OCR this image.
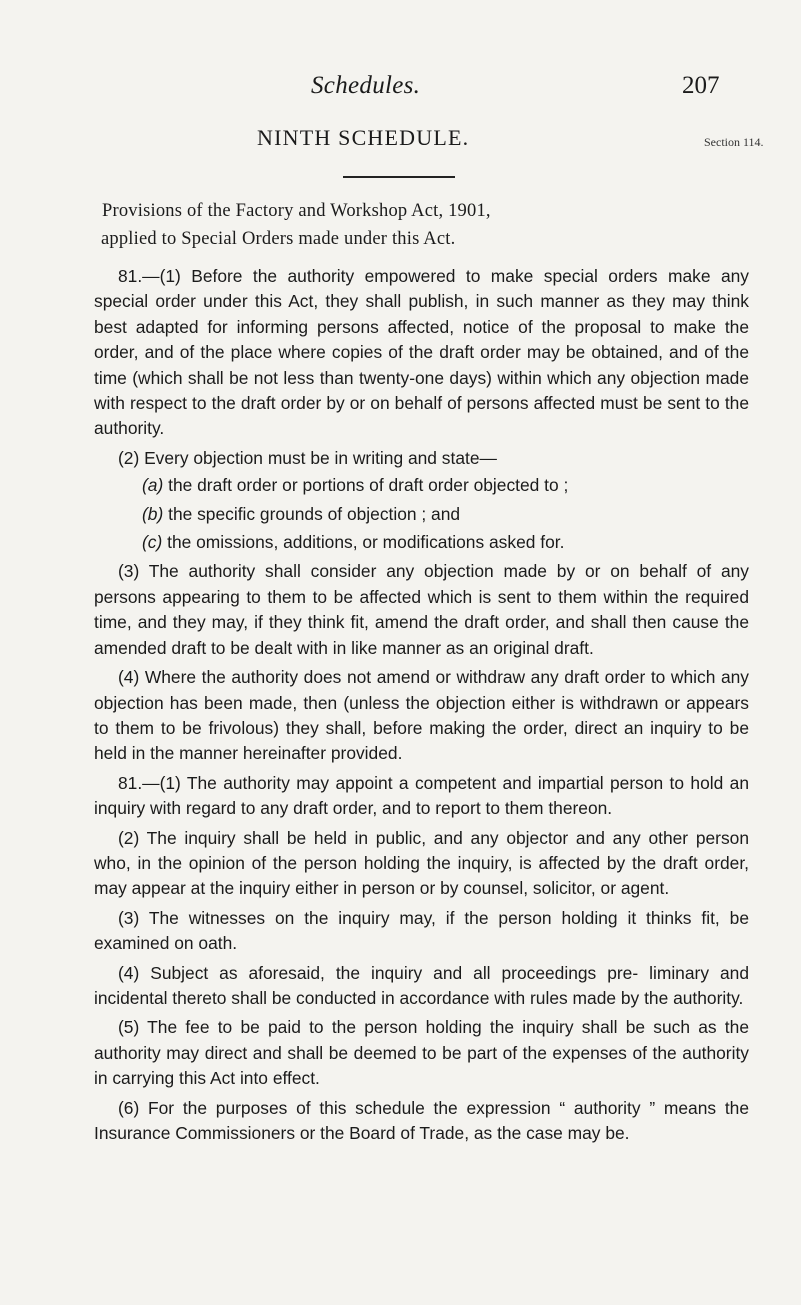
Schedules.	207
NINTH SCHEDULE.	Section 114.
Provisions of the Factory and Workshop Act, 1901,
applied to Special Orders made under this Act.

81.—(1) Before the authority empowered to make special orders make any special order under this Act, they shall publish, in such manner as they may think best adapted for informing persons affected, notice of the proposal to make the order, and of the place where copies of the draft order may be obtained, and of the time (which shall be not less than twenty-one days) within which any objection made with respect to the draft order by or on behalf of persons affected must be sent to the authority.

(2) Every objection must be in writing and state—

(a) the draft order or portions of draft order objected to ;

(b) the specific grounds of objection ; and

(c) the omissions, additions, or modifications asked for.

(3) The authority shall consider any objection made by or on behalf of any persons appearing to them to be affected which is sent to them within the required time, and they may, if they think fit, amend the draft order, and shall then cause the amended draft to be dealt with in like manner as an original draft.

(4) Where the authority does not amend or withdraw any draft order to which any objection has been made, then (unless the objection either is withdrawn or appears to them to be frivolous) they shall, before making the order, direct an inquiry to be held in the manner hereinafter provided.

81.—(1) The authority may appoint a competent and impartial person to hold an inquiry with regard to any draft order, and to report to them thereon.

(2) The inquiry shall be held in public, and any objector and any other person who, in the opinion of the person holding the inquiry, is affected by the draft order, may appear at the inquiry either in person or by counsel, solicitor, or agent.

(3) The witnesses on the inquiry may, if the person holding it thinks fit, be examined on oath.

(4) Subject as aforesaid, the inquiry and all proceedings pre- liminary and incidental thereto shall be conducted in accordance with rules made by the authority.

(5) The fee to be paid to the person holding the inquiry shall be such as the authority may direct and shall be deemed to be part of the expenses of the authority in carrying this Act into effect.

(6) For the purposes of this schedule the expression “ authority ” means the Insurance Commissioners or the Board of Trade, as the case may be.
